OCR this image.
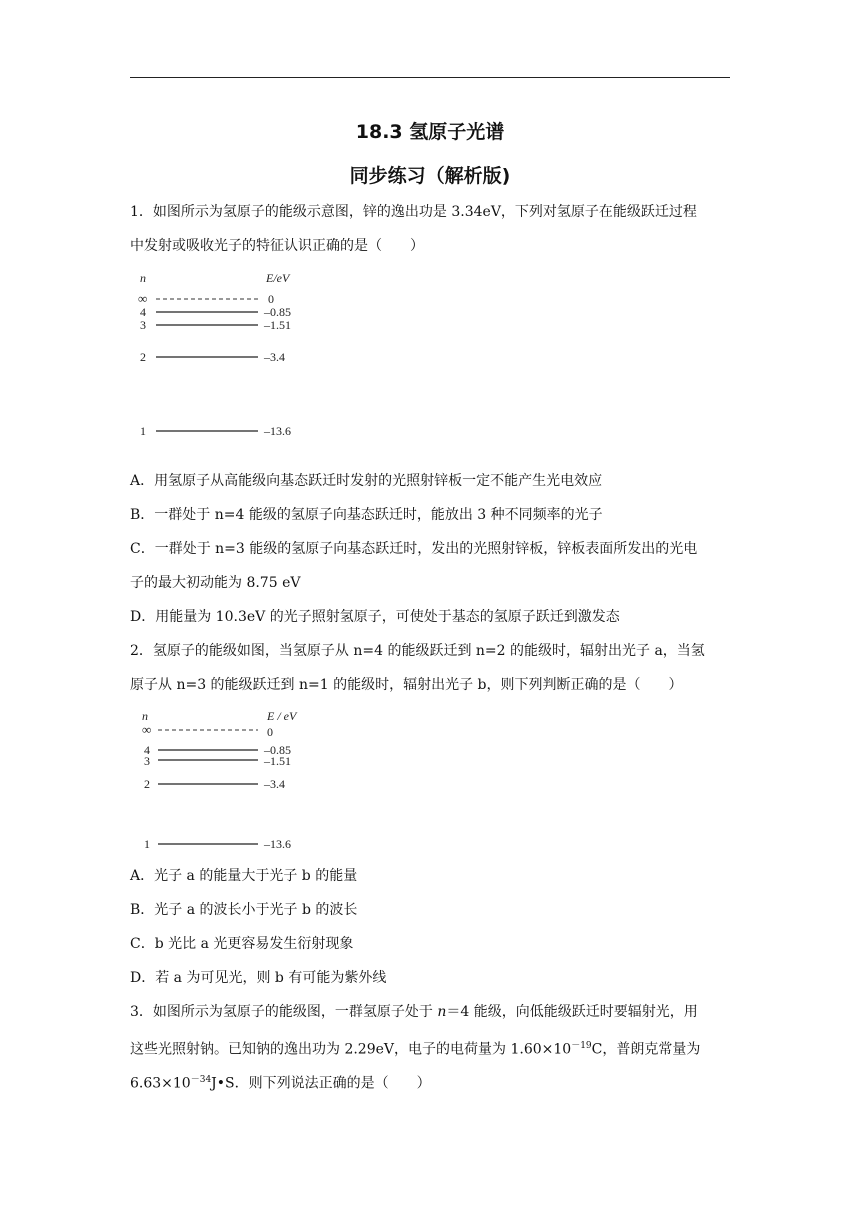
18.3 氢原子光谱
同步练习（解析版)
1．如图所示为氢原子的能级示意图，锌的逸出功是 3.34eV，下列对氢原子在能级跃迁过程
中发射或吸收光子的特征认识正确的是（　　）
n	E/eV
∞	0
4	–0.85
3	–1.51
2	–3.4
1	–13.6
A．用氢原子从高能级向基态跃迁时发射的光照射锌板一定不能产生光电效应
B．一群处于 n=4 能级的氢原子向基态跃迁时，能放出 3 种不同频率的光子
C．一群处于 n=3 能级的氢原子向基态跃迁时，发出的光照射锌板，锌板表面所发出的光电
子的最大初动能为 8.75 eV
D．用能量为 10.3eV 的光子照射氢原子，可使处于基态的氢原子跃迁到激发态
2．氢原子的能级如图，当氢原子从 n=4 的能级跃迁到 n=2 的能级时，辐射出光子 a，当氢
原子从 n=3 的能级跃迁到 n=1 的能级时，辐射出光子 b，则下列判断正确的是（　　）
n	E / eV
∞	0
4	–0.85
3	–1.51
2	–3.4
1	–13.6
A．光子 a 的能量大于光子 b 的能量
B．光子 a 的波长小于光子 b 的波长
C．b 光比 a 光更容易发生衍射现象
D．若 a 为可见光，则 b 有可能为紫外线
3．如图所示为氢原子的能级图，一群氢原子处于 n＝4 能级，向低能级跃迁时要辐射光，用
这些光照射钠。已知钠的逸出功为 2.29eV，电子的电荷量为 $1.60\times 10^{-19}C$，普朗克常量为
$6.63\times 10^{-34}J•S$．则下列说法正确的是（　　）
